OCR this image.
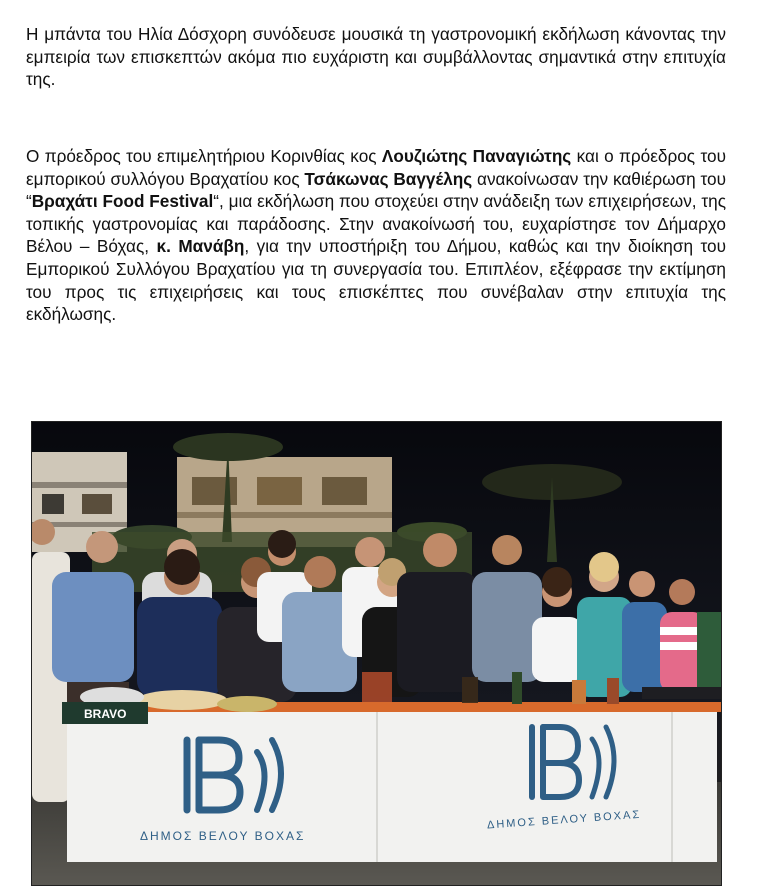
Η μπάντα του Ηλία Δόσχορη συνόδευσε μουσικά τη γαστρονομική εκδήλωση κάνοντας την εμπειρία των επισκεπτών ακόμα πιο ευχάριστη και συμβάλλοντας σημαντικά στην επιτυχία της.

Ο πρόεδρος του επιμελητήριου Κορινθίας κος Λουζιώτης Παναγιώτης και ο πρόεδρος του εμπορικού συλλόγου Βραχατίου κος Τσάκωνας Βαγγέλης ανακοίνωσαν την καθιέρωση του “Βραχάτι Food Festival“, μια εκδήλωση που στοχεύει στην ανάδειξη των επιχειρήσεων, της τοπικής γαστρονομίας και παράδοσης. Στην ανακοίνωσή του, ευχαρίστησε τον Δήμαρχο Βέλου – Βόχας, κ. Μανάβη, για την υποστήριξη του Δήμου, καθώς και την διοίκηση του Εμπορικού Συλλόγου Βραχατίου για τη συνεργασία του. Επιπλέον, εξέφρασε την εκτίμηση του προς τις επιχειρήσεις και τους επισκέπτες που συνέβαλαν στην επιτυχία της εκδήλωσης.

BRAVO
ΔΗΜΟΣ ΒΕΛΟΥ ΒΟΧΑΣ
ΔΗΜΟΣ ΒΕΛΟΥ ΒΟΧΑΣ
